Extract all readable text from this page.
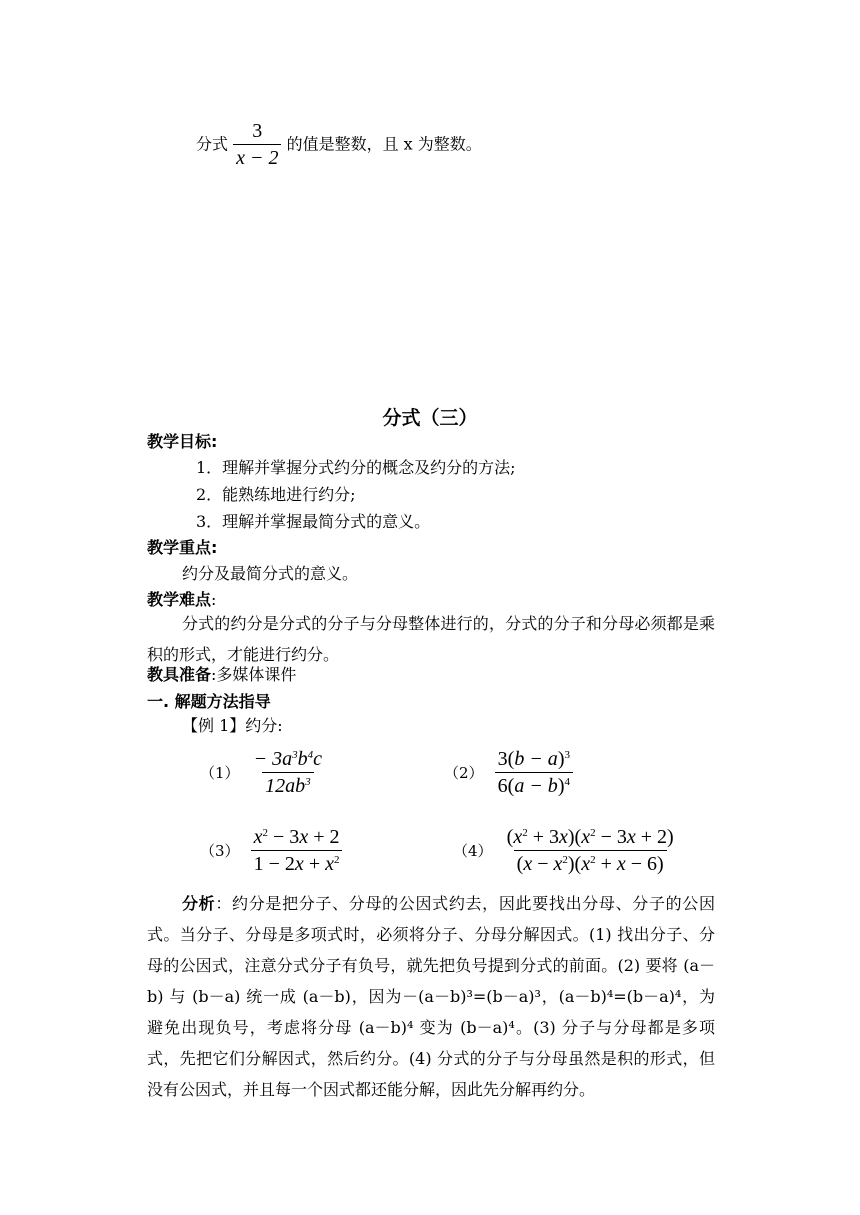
分式 $\frac{3}{x - 2}$ 的值是整数，且 x 为整数。
分式（三）
教学目标:
1．理解并掌握分式约分的概念及约分的方法;
2．能熟练地进行约分;
3．理解并掌握最简分式的意义。
教学重点:
约分及最简分式的意义。
教学难点:
分式的约分是分式的分子与分母整体进行的，分式的分子和分母必须都是乘积的形式，才能进行约分。
教具准备:多媒体课件
一. 解题方法指导
【例 1】约分:
$(1) \frac{- 3a^3b^4c}{12ab^3}$	$(2) \frac{3(b - a)^3}{6(a - b)^4}$
$(3) \frac{x^2 - 3x + 2}{1 - 2x + x^2}$	$(4) \frac{(x^2 + 3x)(x^2 - 3x + 2)}{(x - x^2)(x^2 + x - 6)}$
分析：约分是把分子、分母的公因式约去，因此要找出分母、分子的公因式。当分子、分母是多项式时，必须将分子、分母分解因式。(1) 找出分子、分母的公因式，注意分式分子有负号，就先把负号提到分式的前面。(2) 要将 (a－b) 与 (b－a) 统一成 (a－b)，因为－(a－b)³=(b－a)³，(a－b)⁴=(b－a)⁴，为避免出现负号，考虑将分母 (a－b)⁴ 变为 (b－a)⁴。(3) 分子与分母都是多项式，先把它们分解因式，然后约分。(4) 分式的分子与分母虽然是积的形式，但没有公因式，并且每一个因式都还能分解，因此先分解再约分。
